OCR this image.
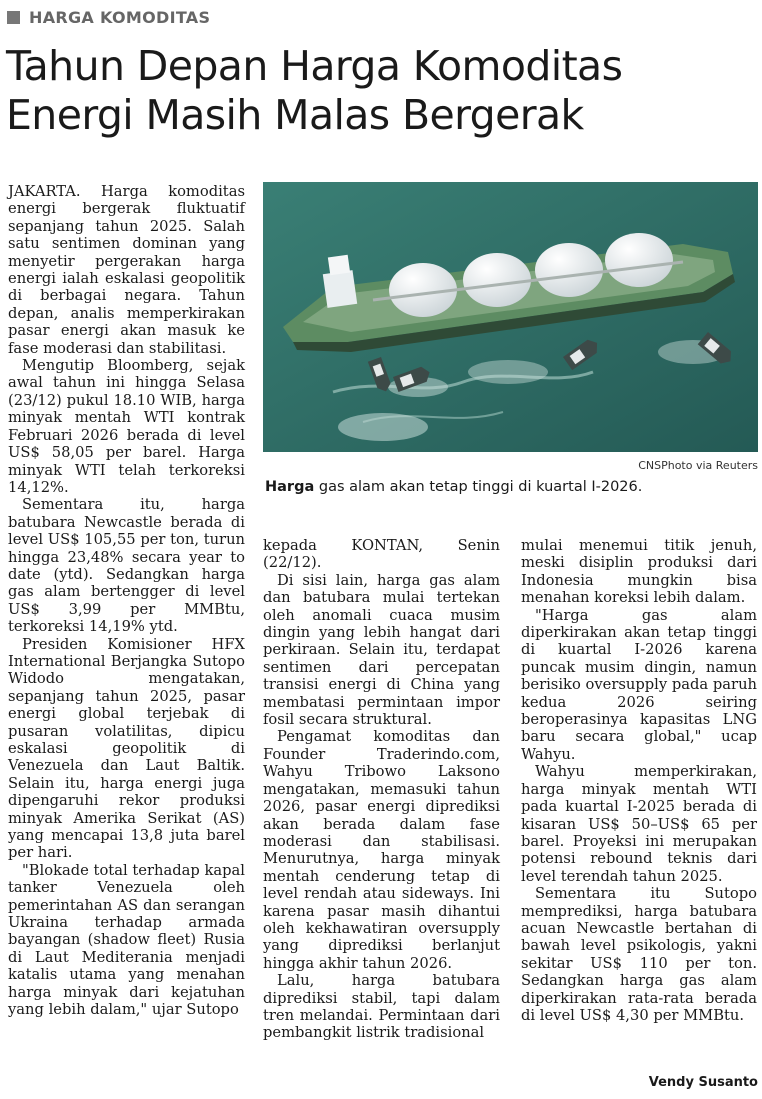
HARGA KOMODITAS
Tahun Depan Harga Komoditas
Energi Masih Malas Bergerak

JAKARTA. Harga komoditas energi bergerak fluktuatif sepanjang tahun 2025. Salah satu sentimen dominan yang menyetir pergerakan harga energi ialah eskalasi geopolitik di berbagai negara. Tahun depan, analis memperkirakan pasar energi akan masuk ke fase moderasi dan stabilitasi.

Mengutip Bloomberg, sejak awal tahun ini hingga Selasa (23/12) pukul 18.10 WIB, harga minyak mentah WTI kontrak Februari 2026 berada di level US$ 58,05 per barel. Harga minyak WTI telah terkoreksi 14,12%.

Sementara itu, harga batubara Newcastle berada di level US$ 105,55 per ton, turun hingga 23,48% secara year to date (ytd). Sedangkan harga gas alam bertengger di level US$ 3,99 per MMBtu, terkoreksi 14,19% ytd.

Presiden Komisioner HFX International Berjangka Sutopo Widodo mengatakan, sepanjang tahun 2025, pasar energi global terjebak di pusaran volatilitas, dipicu eskalasi geopolitik di Venezuela dan Laut Baltik. Selain itu, harga energi juga dipengaruhi rekor produksi minyak Amerika Serikat (AS) yang mencapai 13,8 juta barel per hari.

"Blokade total terhadap kapal tanker Venezuela oleh pemerintahan AS dan serangan Ukraina terhadap armada bayangan (shadow fleet) Rusia di Laut Mediterania menjadi katalis utama yang menahan harga minyak dari kejatuhan yang lebih dalam," ujar Sutopo

CNSPhoto via Reuters
Harga gas alam akan tetap tinggi di kuartal I-2026.

kepada KONTAN, Senin (22/12).

Di sisi lain, harga gas alam dan batubara mulai tertekan oleh anomali cuaca musim dingin yang lebih hangat dari perkiraan. Selain itu, terdapat sentimen dari percepatan transisi energi di China yang membatasi permintaan impor fosil secara struktural.

Pengamat komoditas dan Founder Traderindo.com, Wahyu Tribowo Laksono mengatakan, memasuki tahun 2026, pasar energi diprediksi akan berada dalam fase moderasi dan stabilisasi. Menurutnya, harga minyak mentah cenderung tetap di level rendah atau sideways. Ini karena pasar masih dihantui oleh kekhawatiran oversupply yang diprediksi berlanjut hingga akhir tahun 2026.

Lalu, harga batubara diprediksi stabil, tapi dalam tren melandai. Permintaan dari pembangkit listrik tradisional

mulai menemui titik jenuh, meski disiplin produksi dari Indonesia mungkin bisa menahan koreksi lebih dalam.

"Harga gas alam diperkirakan akan tetap tinggi di kuartal I-2026 karena puncak musim dingin, namun berisiko oversupply pada paruh kedua 2026 seiring beroperasinya kapasitas LNG baru secara global," ucap Wahyu.

Wahyu memperkirakan, harga minyak mentah WTI pada kuartal I-2025 berada di kisaran US$ 50–US$ 65 per barel. Proyeksi ini merupakan potensi rebound teknis dari level terendah tahun 2025.

Sementara itu Sutopo memprediksi, harga batubara acuan Newcastle bertahan di bawah level psikologis, yakni sekitar US$ 110 per ton. Sedangkan harga gas alam diperkirakan rata-rata berada di level US$ 4,30 per MMBtu.

Vendy Susanto
